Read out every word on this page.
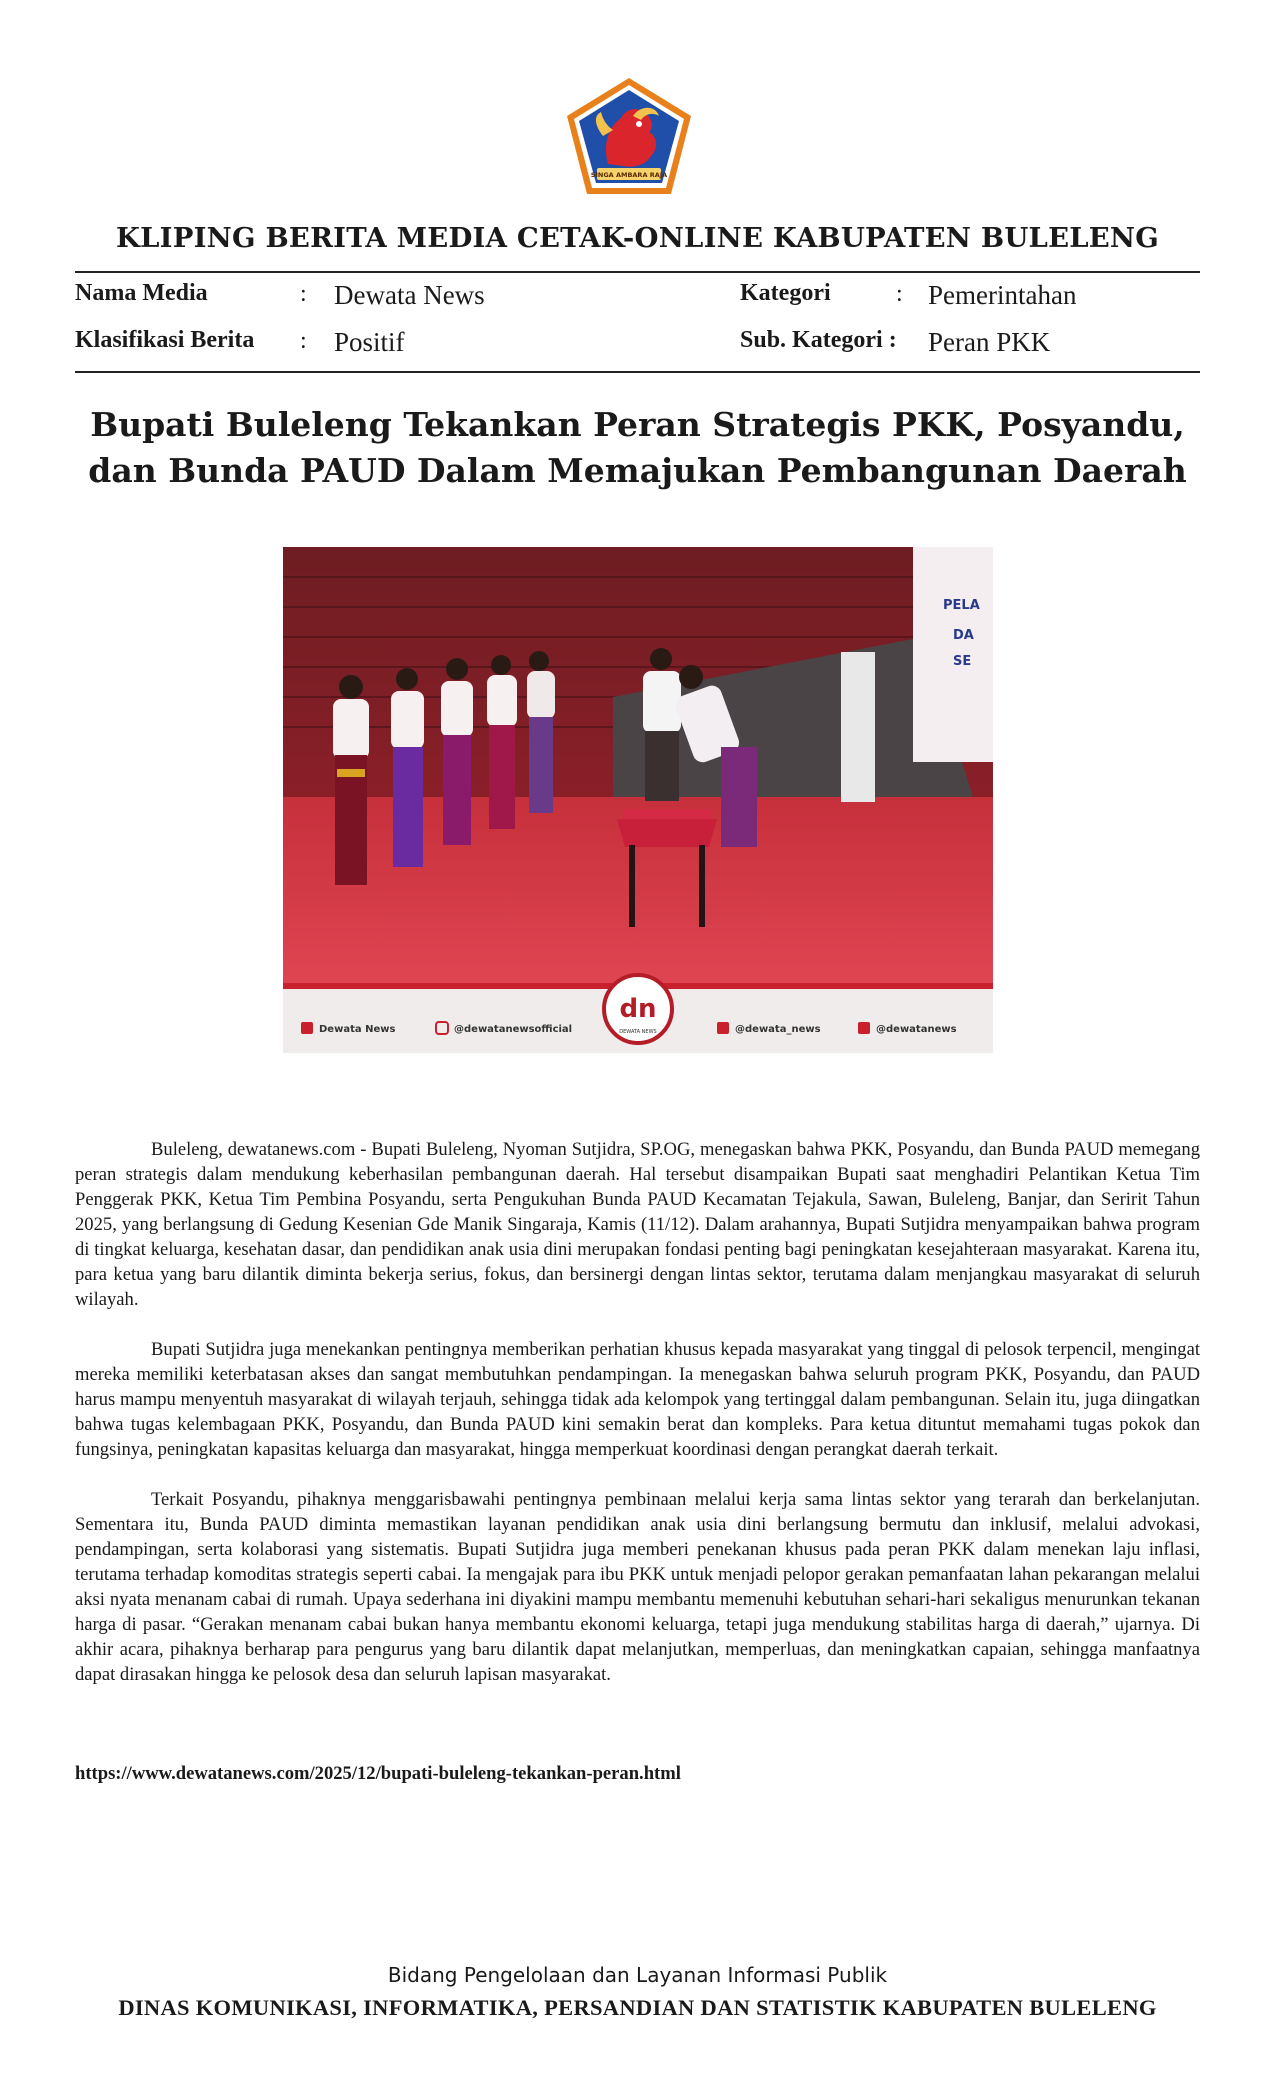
SINGA AMBARA RAJA
KLIPING BERITA MEDIA CETAK-ONLINE KABUPATEN BULELENG
Nama Media	: Dewata News	Kategori	: Pemerintahan
Klasifikasi Berita : Positif	Sub. Kategori : Peran PKK
Bupati Buleleng Tekankan Peran Strategis PKK, Posyandu, dan Bunda PAUD Dalam Memajukan Pembangunan Daerah
PELA
DA
SE
dn
DEWATA NEWS
Dewata News	@dewatanewsofficial	@dewata_news	@dewatanews

Buleleng, dewatanews.com - Bupati Buleleng, Nyoman Sutjidra, SP.OG, menegaskan bahwa PKK, Posyandu, dan Bunda PAUD memegang peran strategis dalam mendukung keberhasilan pembangunan daerah. Hal tersebut disampaikan Bupati saat menghadiri Pelantikan Ketua Tim Penggerak PKK, Ketua Tim Pembina Posyandu, serta Pengukuhan Bunda PAUD Kecamatan Tejakula, Sawan, Buleleng, Banjar, dan Seririt Tahun 2025, yang berlangsung di Gedung Kesenian Gde Manik Singaraja, Kamis (11/12). Dalam arahannya, Bupati Sutjidra menyampaikan bahwa program di tingkat keluarga, kesehatan dasar, dan pendidikan anak usia dini merupakan fondasi penting bagi peningkatan kesejahteraan masyarakat. Karena itu, para ketua yang baru dilantik diminta bekerja serius, fokus, dan bersinergi dengan lintas sektor, terutama dalam menjangkau masyarakat di seluruh wilayah.

Bupati Sutjidra juga menekankan pentingnya memberikan perhatian khusus kepada masyarakat yang tinggal di pelosok terpencil, mengingat mereka memiliki keterbatasan akses dan sangat membutuhkan pendampingan. Ia menegaskan bahwa seluruh program PKK, Posyandu, dan PAUD harus mampu menyentuh masyarakat di wilayah terjauh, sehingga tidak ada kelompok yang tertinggal dalam pembangunan. Selain itu, juga diingatkan bahwa tugas kelembagaan PKK, Posyandu, dan Bunda PAUD kini semakin berat dan kompleks. Para ketua dituntut memahami tugas pokok dan fungsinya, peningkatan kapasitas keluarga dan masyarakat, hingga memperkuat koordinasi dengan perangkat daerah terkait.

Terkait Posyandu, pihaknya menggarisbawahi pentingnya pembinaan melalui kerja sama lintas sektor yang terarah dan berkelanjutan. Sementara itu, Bunda PAUD diminta memastikan layanan pendidikan anak usia dini berlangsung bermutu dan inklusif, melalui advokasi, pendampingan, serta kolaborasi yang sistematis. Bupati Sutjidra juga memberi penekanan khusus pada peran PKK dalam menekan laju inflasi, terutama terhadap komoditas strategis seperti cabai. Ia mengajak para ibu PKK untuk menjadi pelopor gerakan pemanfaatan lahan pekarangan melalui aksi nyata menanam cabai di rumah. Upaya sederhana ini diyakini mampu membantu memenuhi kebutuhan sehari-hari sekaligus menurunkan tekanan harga di pasar. “Gerakan menanam cabai bukan hanya membantu ekonomi keluarga, tetapi juga mendukung stabilitas harga di daerah,” ujarnya. Di akhir acara, pihaknya berharap para pengurus yang baru dilantik dapat melanjutkan, memperluas, dan meningkatkan capaian, sehingga manfaatnya dapat dirasakan hingga ke pelosok desa dan seluruh lapisan masyarakat.

https://www.dewatanews.com/2025/12/bupati-buleleng-tekankan-peran.html
Bidang Pengelolaan dan Layanan Informasi Publik
DINAS KOMUNIKASI, INFORMATIKA, PERSANDIAN DAN STATISTIK KABUPATEN BULELENG
